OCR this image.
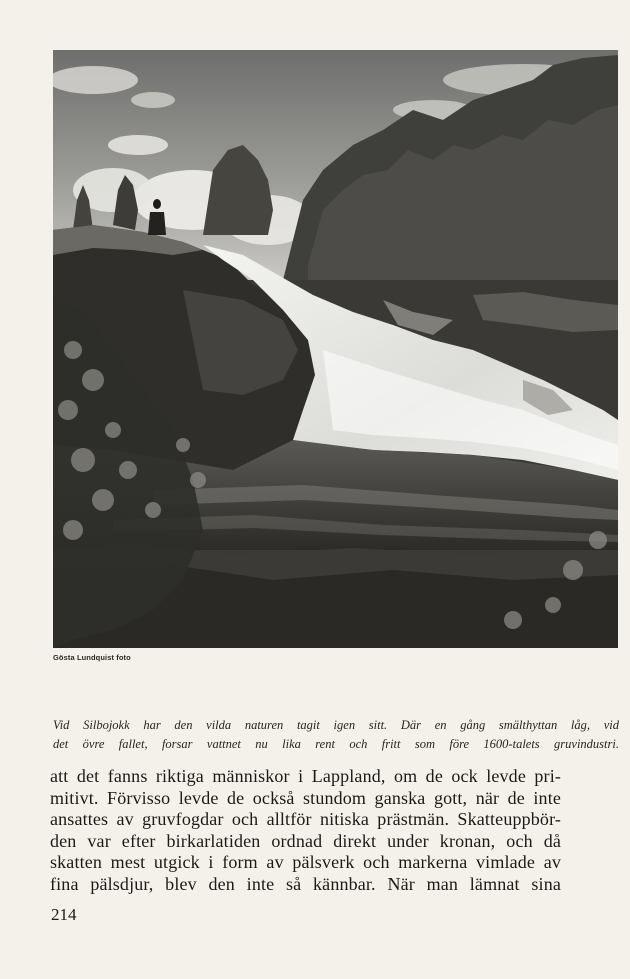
Gösta Lundquist foto
Vid Silbojokk har den vilda naturen tagit igen sitt. Där en gång smälthyttan låg, vid
det övre fallet, forsar vattnet nu lika rent och fritt som före 1600-talets gruvindustri.
att det fanns riktiga människor i Lappland, om de ock levde pri-
mitivt. Förvisso levde de också stundom ganska gott, när de inte
ansattes av gruvfogdar och alltför nitiska prästmän. Skatteuppbör-
den var efter birkarlatiden ordnad direkt under kronan, och då
skatten mest utgick i form av pälsverk och markerna vimlade av
fina pälsdjur, blev den inte så kännbar. När man lämnat sina
214
